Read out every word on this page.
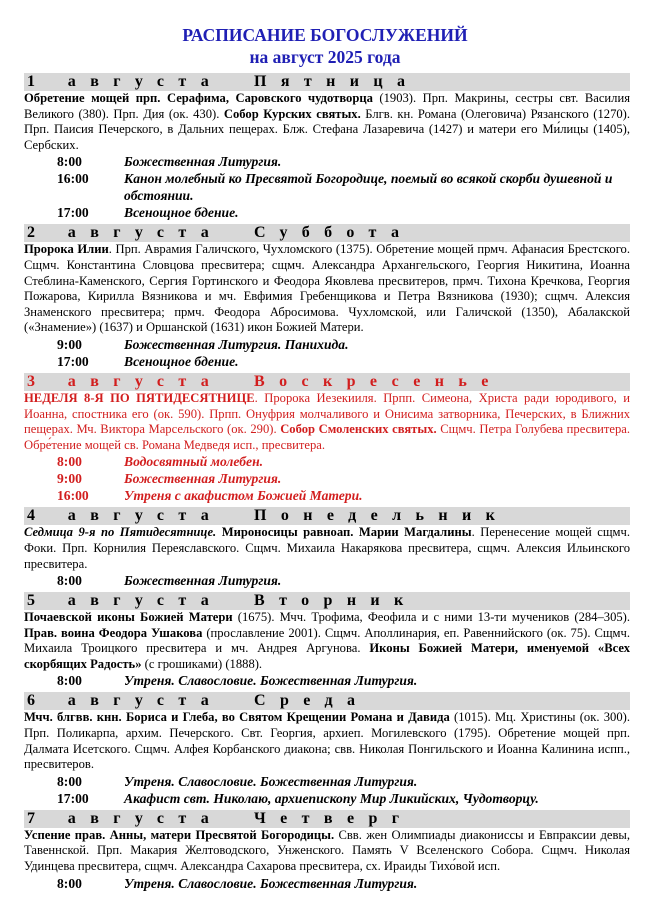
РАСПИСАНИЕ БОГОСЛУЖЕНИЙ
на август 2025 года
1 августа Пятница
Обретение мощей прп. Серафима, Саровского чудотворца (1903). Прп. Макрины, сестры свт. Василия Великого (380). Прп. Дия (ок. 430). Собор Курских святых. Блгв. кн. Романа (Олеговича) Рязанского (1270). Прп. Паисия Печерского, в Дальних пещерах. Блж. Стефана Лазаревича (1427) и матери его Ми́лицы (1405), Сербских.
8:00	Божественная Литургия.
16:00	Канон молебный ко Пресвятой Богородице, поемый во всякой скорби душевной и обстоянии.
17:00	Всенощное бдение.
2 августа Суббота
Пророка Илии. Прп. Аврамия Галичского, Чухломского (1375). Обретение мощей прмч. Афанасия Брестского. Сщмч. Константина Словцова пресвитера; сщмч. Александра Архангельского, Георгия Никитина, Иоанна Стеблина-Каменского, Сергия Гортинского и Феодора Яковлева пресвитеров, прмч. Тихона Кречкова, Георгия Пожарова, Кирилла Вязникова и мч. Евфимия Гребенщикова и Петра Вязникова (1930); сщмч. Алексия Знаменского пресвитера; прмч. Феодора Абросимова. Чухломской, или Галичской (1350), Абалакской («Знамение») (1637) и Оршанской (1631) икон Божией Матери.
9:00	Божественная Литургия. Панихида.
17:00	Всенощное бдение.
3 августа Воскресенье
НЕДЕЛЯ 8-Я ПО ПЯТИДЕСЯТНИЦЕ. Пророка Иезекииля. Прпп. Симеона, Христа ради юродивого, и Иоанна, спостника его (ок. 590). Прпп. Онуфрия молчаливого и Онисима затворника, Печерских, в Ближних пещерах. Мч. Виктора Марсельского (ок. 290). Собор Смоленских святых. Сщмч. Петра Голубева пресвитера. Обре́тение мощей св. Романа Медведя исп., пресвитера.
8:00	Водосвятный молебен.
9:00	Божественная Литургия.
16:00	Утреня с акафистом Божией Матери.
4 августа Понедельник
Седмица 9-я по Пятидесятнице. Мироносицы равноап. Марии Магдалины. Перенесение мощей сщмч. Фоки. Прп. Корнилия Переяславского. Сщмч. Михаила Накарякова пресвитера, сщмч. Алексия Ильинского пресвитера.
8:00	Божественная Литургия.
5 августа Вторник
Почаевской иконы Божией Матери (1675). Мчч. Трофима, Феофила и с ними 13-ти мучеников (284–305). Прав. воина Феодора Ушакова (прославление 2001). Сщмч. Аполлинария, еп. Равеннийского (ок. 75). Сщмч. Михаила Троицкого пресвитера и мч. Андрея Аргунова. Иконы Божией Матери, именуемой «Всех скорбящих Радость» (с грошиками) (1888).
8:00	Утреня. Славословие. Божественная Литургия.
6 августа Среда
Мчч. блгвв. кнн. Бориса и Глеба, во Святом Крещении Романа и Давида (1015). Мц. Христины (ок. 300). Прп. Поликарпа, архим. Печерского. Свт. Георгия, архиеп. Могилевского (1795). Обретение мощей прп. Далмата Исетского. Сщмч. Алфея Корбанского диакона; свв. Николая Понгильского и Иоанна Калинина испп., пресвитеров.
8:00	Утреня. Славословие. Божественная Литургия.
17:00	Акафист свт. Николаю, архиепископу Мир Ликийских, Чудотворцу.
7 августа Четверг
Успение прав. Анны, матери Пресвятой Богородицы. Свв. жен Олимпиады диакониссы и Евпраксии девы, Тавеннской. Прп. Макария Желтоводского, Унженского. Память V Вселенского Собора. Сщмч. Николая Удинцева пресвитера, сщмч. Александра Сахарова пресвитера, сх. Ираиды Тихо́вой исп.
8:00	Утреня. Славословие. Божественная Литургия.
